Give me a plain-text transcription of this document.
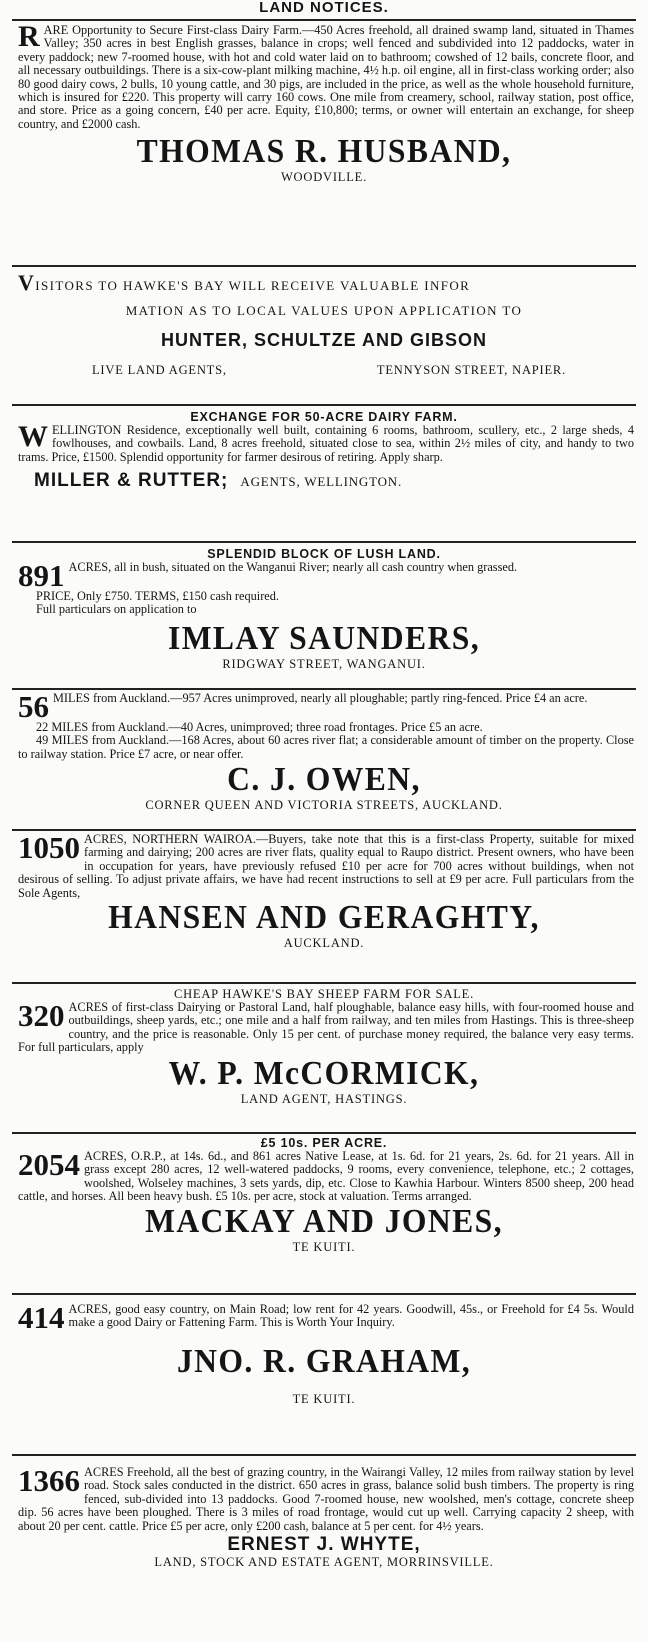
LAND NOTICES.
RARE Opportunity to Secure First-class Dairy Farm.—450 Acres freehold, all drained swamp land, situated in Thames Valley; 350 acres in best English grasses, balance in crops; well fenced and subdivided into 12 paddocks, water in every paddock; new 7-roomed house, with hot and cold water laid on to bathroom; cowshed of 12 bails, concrete floor, and all necessary outbuildings. There is a six-cow-plant milking machine, 4½ h.p. oil engine, all in first-class working order; also 80 good dairy cows, 2 bulls, 10 young cattle, and 30 pigs, are included in the price, as well as the whole household furniture, which is insured for £220. This property will carry 160 cows. One mile from creamery, school, railway station, post office, and store. Price as a going concern, £40 per acre. Equity, £10,800; terms, or owner will entertain an exchange, for sheep country, and £2000 cash.
THOMAS R. HUSBAND,
WOODVILLE.
VISITORS TO HAWKE'S BAY WILL RECEIVE VALUABLE INFOR
MATION AS TO LOCAL VALUES UPON APPLICATION TO
HUNTER, SCHULTZE AND GIBSON
LIVE LAND AGENTS,	TENNYSON STREET, NAPIER.
EXCHANGE FOR 50-ACRE DAIRY FARM.
WELLINGTON Residence, exceptionally well built, containing 6 rooms, bathroom, scullery, etc., 2 large sheds, 4 fowlhouses, and cowbails. Land, 8 acres freehold, situated close to sea, within 2½ miles of city, and handy to two trams. Price, £1500. Splendid opportunity for farmer desirous of retiring. Apply sharp.
MILLER & RUTTER; AGENTS, WELLINGTON.
SPLENDID BLOCK OF LUSH LAND.
891 ACRES, all in bush, situated on the Wanganui River; nearly all cash country when grassed.
PRICE, Only £750. TERMS, £150 cash required.
Full particulars on application to
IMLAY SAUNDERS,
RIDGWAY STREET, WANGANUI.
56 MILES from Auckland.—957 Acres unimproved, nearly all ploughable; partly ring-fenced. Price £4 an acre.
22 MILES from Auckland.—40 Acres, unimproved; three road frontages. Price £5 an acre.
49 MILES from Auckland.—168 Acres, about 60 acres river flat; a considerable amount of timber on the property. Close to railway station. Price £7 acre, or near offer.
C. J. OWEN,
CORNER QUEEN AND VICTORIA STREETS, AUCKLAND.
1050 ACRES, NORTHERN WAIROA.—Buyers, take note that this is a first-class Property, suitable for mixed farming and dairying; 200 acres are river flats, quality equal to Raupo district. Present owners, who have been in occupation for years, have previously refused £10 per acre for 700 acres without buildings, when not desirous of selling. To adjust private affairs, we have had recent instructions to sell at £9 per acre. Full particulars from the Sole Agents,
HANSEN AND GERAGHTY,
AUCKLAND.
CHEAP HAWKE'S BAY SHEEP FARM FOR SALE.
320 ACRES of first-class Dairying or Pastoral Land, half ploughable, balance easy hills, with four-roomed house and outbuildings, sheep yards, etc.; one mile and a half from railway, and ten miles from Hastings. This is three-sheep country, and the price is reasonable. Only 15 per cent. of purchase money required, the balance very easy terms. For full particulars, apply
W. P. McCORMICK,
LAND AGENT, HASTINGS.
£5 10s. PER ACRE.
2054 ACRES, O.R.P., at 14s. 6d., and 861 acres Native Lease, at 1s. 6d. for 21 years, 2s. 6d. for 21 years. All in grass except 280 acres, 12 well-watered paddocks, 9 rooms, every convenience, telephone, etc.; 2 cottages, woolshed, Wolseley machines, 3 sets yards, dip, etc. Close to Kawhia Harbour. Winters 8500 sheep, 200 head cattle, and horses. All been heavy bush. £5 10s. per acre, stock at valuation. Terms arranged.
MACKAY AND JONES,
TE KUITI.
414 ACRES, good easy country, on Main Road; low rent for 42 years. Goodwill, 45s., or Freehold for £4 5s. Would make a good Dairy or Fattening Farm. This is Worth Your Inquiry.
JNO. R. GRAHAM,
TE KUITI.
1366 ACRES Freehold, all the best of grazing country, in the Wairangi Valley, 12 miles from railway station by level road. Stock sales conducted in the district. 650 acres in grass, balance solid bush timbers. The property is ring fenced, sub-divided into 13 paddocks. Good 7-roomed house, new woolshed, men's cottage, concrete sheep dip. 56 acres have been ploughed. There is 3 miles of road frontage, would cut up well. Carrying capacity 2 sheep, with about 20 per cent. cattle. Price £5 per acre, only £200 cash, balance at 5 per cent. for 4½ years.
ERNEST J. WHYTE,
LAND, STOCK AND ESTATE AGENT, MORRINSVILLE.
